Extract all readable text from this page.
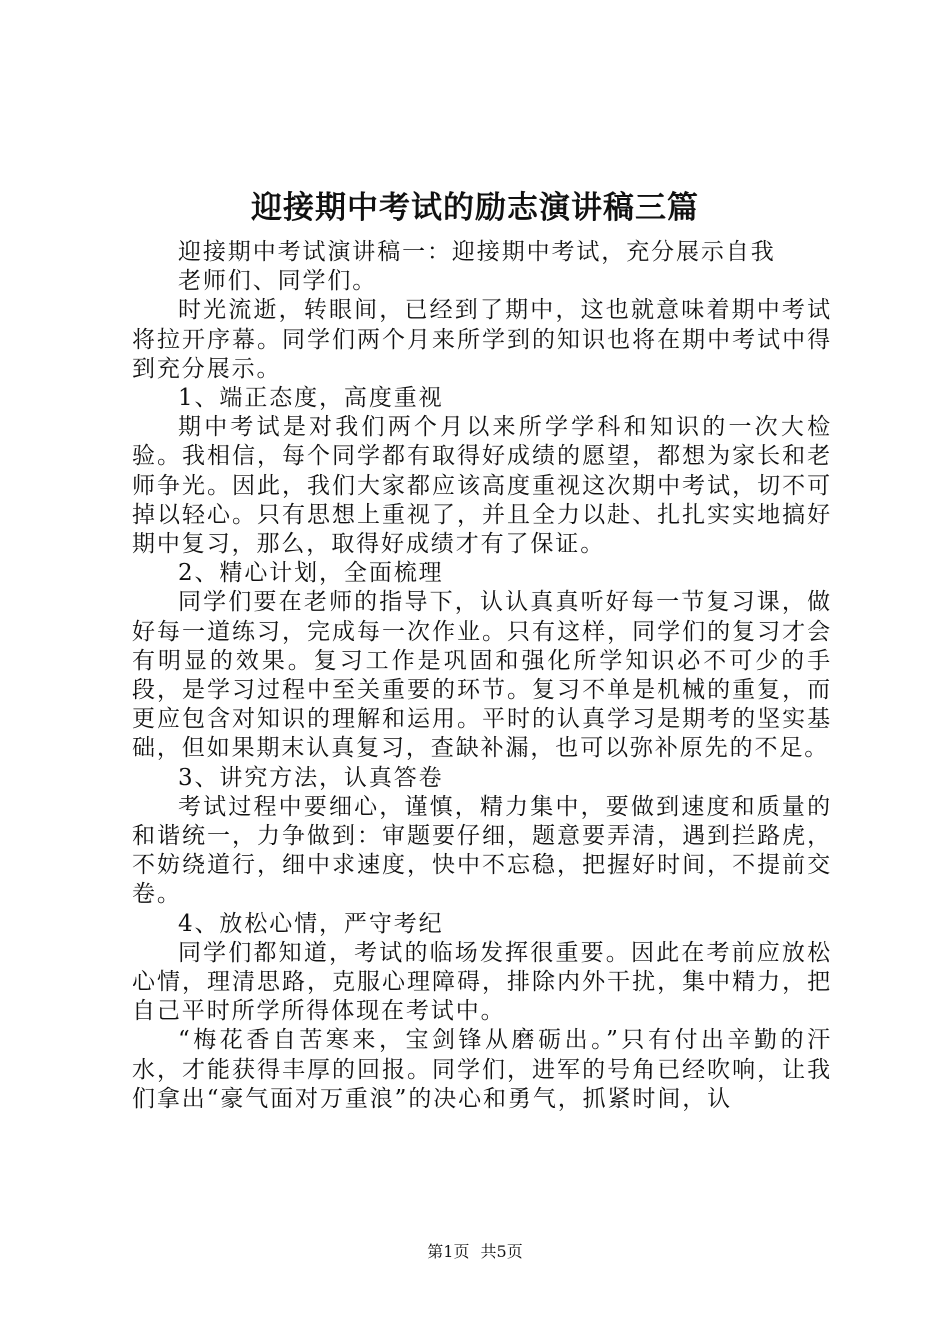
迎接期中考试的励志演讲稿三篇

迎接期中考试演讲稿一：迎接期中考试，充分展示自我

老师们、同学们。

时光流逝，转眼间，已经到了期中，这也就意味着期中考试将拉开序幕。同学们两个月来所学到的知识也将在期中考试中得到充分展示。

1、端正态度，高度重视

期中考试是对我们两个月以来所学学科和知识的一次大检验。我相信，每个同学都有取得好成绩的愿望，都想为家长和老师争光。因此，我们大家都应该高度重视这次期中考试，切不可掉以轻心。只有思想上重视了，并且全力以赴、扎扎实实地搞好期中复习，那么，取得好成绩才有了保证。

2、精心计划，全面梳理

同学们要在老师的指导下，认认真真听好每一节复习课，做好每一道练习，完成每一次作业。只有这样，同学们的复习才会有明显的效果。复习工作是巩固和强化所学知识必不可少的手段，是学习过程中至关重要的环节。复习不单是机械的重复，而更应包含对知识的理解和运用。平时的认真学习是期考的坚实基础，但如果期末认真复习，查缺补漏，也可以弥补原先的不足。

3、讲究方法，认真答卷

考试过程中要细心，谨慎，精力集中，要做到速度和质量的和谐统一，力争做到：审题要仔细，题意要弄清，遇到拦路虎，不妨绕道行，细中求速度，快中不忘稳，把握好时间，不提前交卷。

4、放松心情，严守考纪

同学们都知道，考试的临场发挥很重要。因此在考前应放松心情，理清思路，克服心理障碍，排除内外干扰，集中精力，把自己平时所学所得体现在考试中。

“梅花香自苦寒来，宝剑锋从磨砺出。”只有付出辛勤的汗水，才能获得丰厚的回报。同学们，进军的号角已经吹响，让我们拿出“豪气面对万重浪”的决心和勇气，抓紧时间，认

第1页 共5页
